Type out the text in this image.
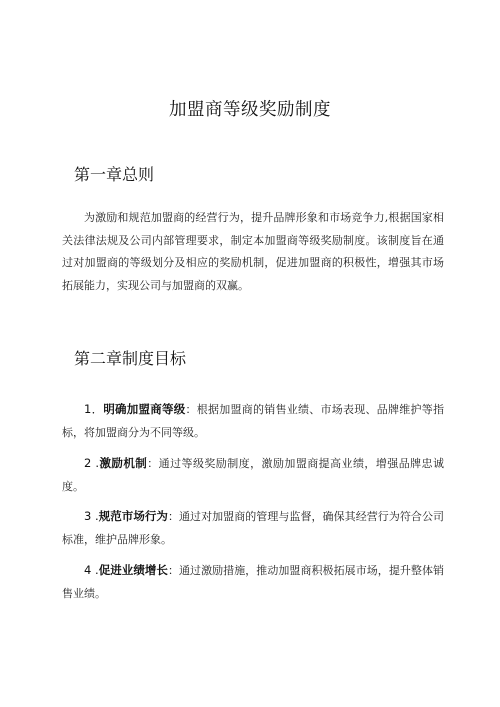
加盟商等级奖励制度
第一章总则

为激励和规范加盟商的经营行为，提升品牌形象和市场竞争力,根据国家相关法律法规及公司内部管理要求，制定本加盟商等级奖励制度。该制度旨在通过对加盟商的等级划分及相应的奖励机制，促进加盟商的积极性，增强其市场拓展能力，实现公司与加盟商的双赢。

第二章制度目标

1．明确加盟商等级：根据加盟商的销售业绩、市场表现、品牌维护等指标，将加盟商分为不同等级。

2 .激励机制：通过等级奖励制度，激励加盟商提高业绩，增强品牌忠诚度。

3 .规范市场行为：通过对加盟商的管理与监督，确保其经营行为符合公司标准，维护品牌形象。

4 .促进业绩增长：通过激励措施，推动加盟商积极拓展市场，提升整体销售业绩。
